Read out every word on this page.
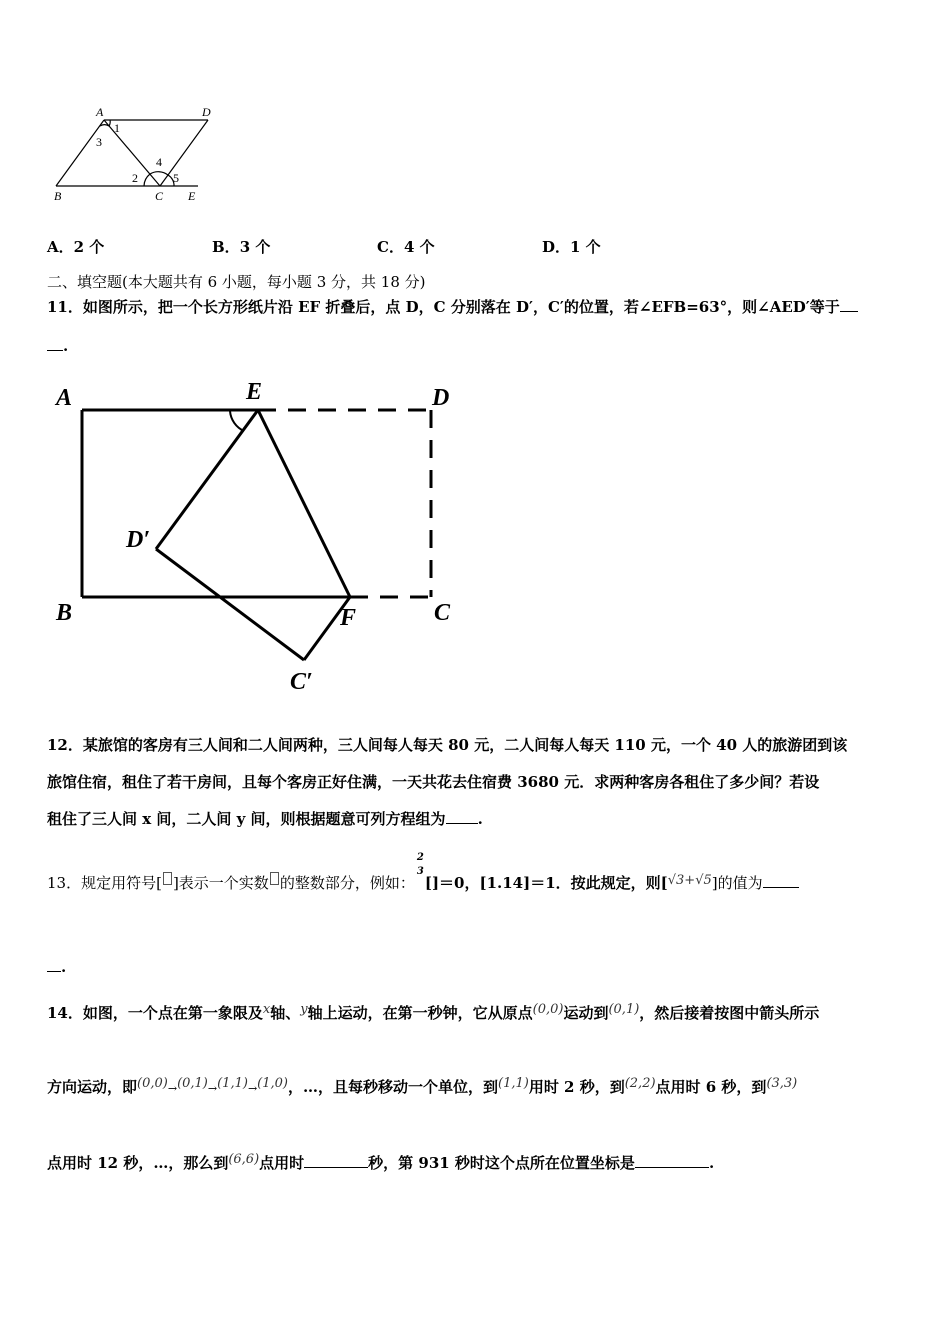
A	D
B	C E
1
3
2
4
5
A．2 个	B．3 个	C．4 个	D．1 个
二、填空题(本大题共有 6 小题，每小题 3 分，共 18 分)
11．如图所示，把一个长方形纸片沿 EF 折叠后，点 D，C 分别落在 D′，C′的位置，若∠EFB=63°，则∠AED′等于
.
A	E	D
D′
B	F	C
C′
12．某旅馆的客房有三人间和二人间两种，三人间每人每天 80 元，二人间每人每天 110 元，一个 40 人的旅游团到该
旅馆住宿，租住了若干房间，且每个客房正好住满，一天共花去住宿费 3680 元．求两种客房各租住了多少间？若设
租住了三人间 x 间，二人间 y 间，则根据题意可列方程组为 .
13．规定用符号[ ]表示一个实数 的整数部分，例如：
2
3
[]＝0，[1.14]＝1．按此规定，则[√3+√5]的值为
.
14．如图，一个点在第一象限及x轴、y轴上运动，在第一秒钟，它从原点(0,0)运动到(0,1)，然后接着按图中箭头所示
方向运动，即(0,0)→(0,1)→(1,1)→(1,0)，…，且每秒移动一个单位，到(1,1)用时 2 秒，到(2,2)点用时 6 秒，到(3,3)
点用时 12 秒，…，那么到(6,6)点用时	秒，第 931 秒时这个点所在位置坐标是	.
